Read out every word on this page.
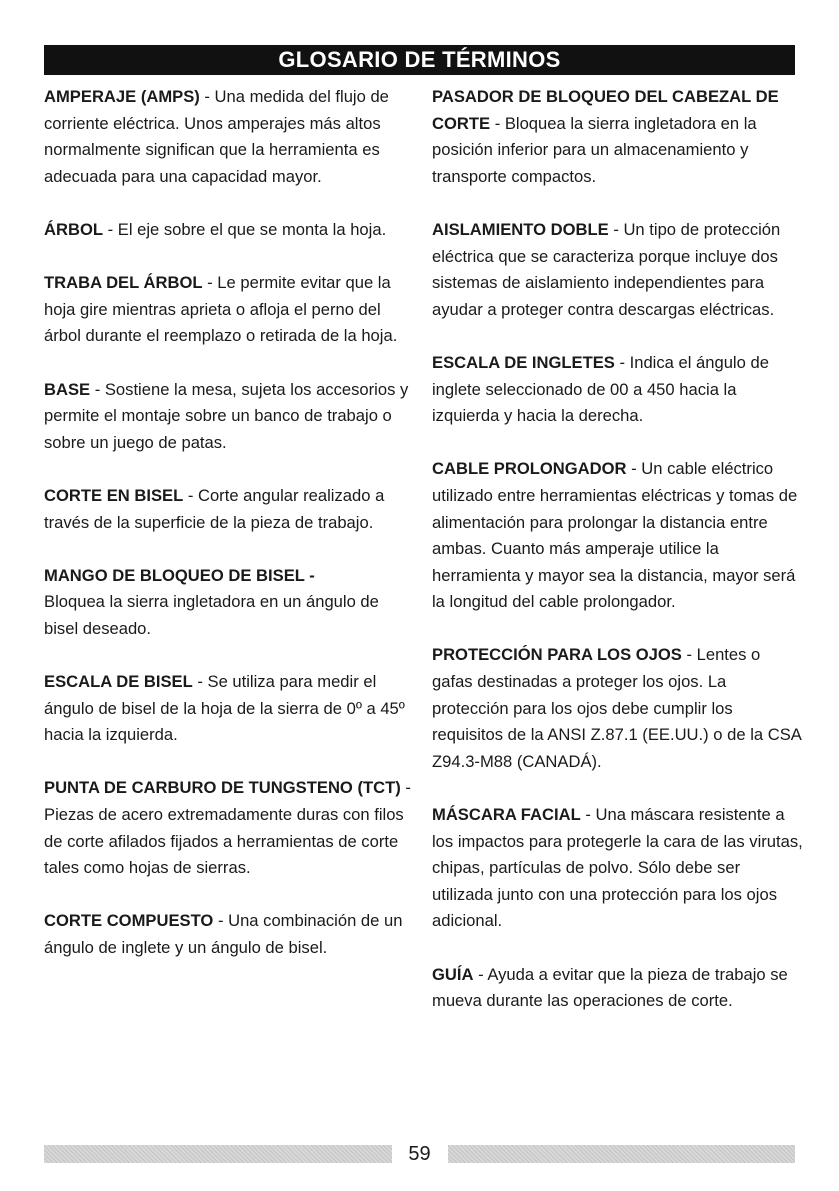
GLOSARIO DE TÉRMINOS

AMPERAJE (AMPS) - Una medida del flujo de corriente eléctrica. Unos amperajes más altos normalmente significan que la herramienta es adecuada para una capacidad mayor.

ÁRBOL - El eje sobre el que se monta la hoja.

TRABA DEL ÁRBOL - Le permite evitar que la hoja gire mientras aprieta o afloja el perno del árbol durante el reemplazo o retirada de la hoja.

BASE - Sostiene la mesa, sujeta los accesorios y permite el montaje sobre un banco de trabajo o sobre un juego de patas.

CORTE EN BISEL - Corte angular realizado a través de la superficie de la pieza de trabajo.

MANGO DE BLOQUEO DE BISEL -
Bloquea la sierra ingletadora en un ángulo de bisel deseado.

ESCALA DE BISEL - Se utiliza para medir el ángulo de bisel de la hoja de la sierra de 0º a 45º hacia la izquierda.

PUNTA DE CARBURO DE TUNGSTENO (TCT) - Piezas de acero extremadamente duras con filos de corte afilados fijados a herramientas de corte tales como hojas de sierras.

CORTE COMPUESTO - Una combinación de un ángulo de inglete y un ángulo de bisel.

PASADOR DE BLOQUEO DEL CABEZAL DE CORTE - Bloquea la sierra ingletadora en la posición inferior para un almacenamiento y transporte compactos.

AISLAMIENTO DOBLE - Un tipo de protección eléctrica que se caracteriza porque incluye dos sistemas de aislamiento independientes para ayudar a proteger contra descargas eléctricas.

ESCALA DE INGLETES - Indica el ángulo de inglete seleccionado de 00 a 450 hacia la izquierda y hacia la derecha.

CABLE PROLONGADOR - Un cable eléctrico utilizado entre herramientas eléctricas y tomas de alimentación para prolongar la distancia entre ambas. Cuanto más amperaje utilice la herramienta y mayor sea la distancia, mayor será la longitud del cable prolongador.

PROTECCIÓN PARA LOS OJOS - Lentes o gafas destinadas a proteger los ojos. La protección para los ojos debe cumplir los requisitos de la ANSI Z.87.1 (EE.UU.) o de la CSA Z94.3-M88 (CANADÁ).

MÁSCARA FACIAL - Una máscara resistente a los impactos para protegerle la cara de las virutas, chipas, partículas de polvo. Sólo debe ser utilizada junto con una protección para los ojos adicional.

GUÍA - Ayuda a evitar que la pieza de trabajo se mueva durante las operaciones de corte.

59
